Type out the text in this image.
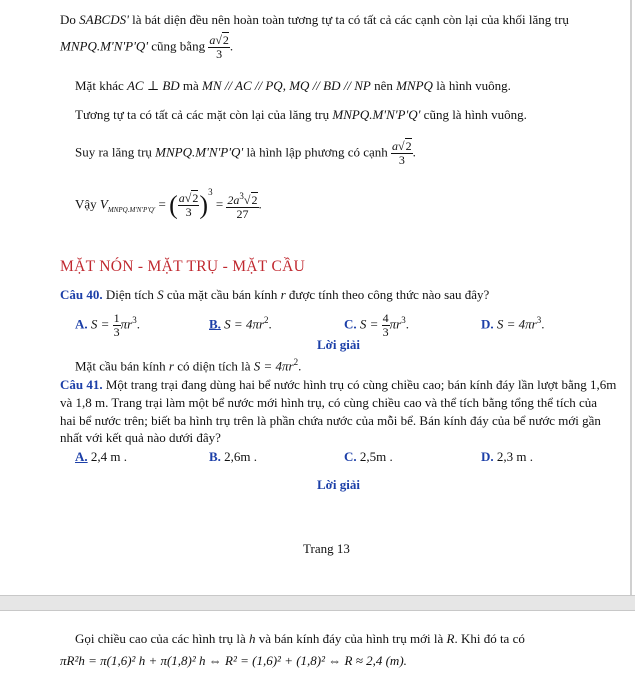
Do SABCDS' là bát diện đều nên hoàn toàn tương tự ta có tất cả các cạnh còn lại của khối lăng trụ
MNPQ.M'N'P'Q' cũng bằng $\frac{a√2}{3}$ .
Mặt khác AC ⊥ BD mà MN // AC // PQ, MQ // BD // NP nên MNPQ là hình vuông.
Tương tự ta có tất cả các mặt còn lại của lăng trụ MNPQ.M'N'P'Q' cũng là hình vuông.
Suy ra lăng trụ MNPQ.M'N'P'Q' là hình lập phương có cạnh $\frac{a√2}{3}$ .
Vậy $V_{MNPQ.M'N'P'Q'}$ = ( $\frac{a√2}{3} )^3 = \frac{2a^3√2}{27}$ .
MẶT NÓN - MẶT TRỤ - MẶT CẦU
Câu 40. Diện tích S của mặt cầu bán kính r được tính theo công thức nào sau đây?
A. $S = \frac{1}{3} \pi r^3$.	B. $S = 4\pi r^2$.	C. $S = \frac{4}{3} \pi r^3$.	D. $S = 4\pi r^3$.
Lời giải
Mặt cầu bán kính r có diện tích là $S = 4\pi r^2$.
Câu 41. Một trang trại đang dùng hai bể nước hình trụ có cùng chiều cao; bán kính đáy lần lượt bằng 1,6m
và 1,8 m. Trang trại làm một bể nước mới hình trụ, có cùng chiều cao và thể tích bằng tổng thể tích của
hai bể nước trên; biết ba hình trụ trên là phần chứa nước của mỗi bể. Bán kính đáy của bể nước mới gần
nhất với kết quả nào dưới đây?
A. 2,4 m .	B. 2,6m .	C. 2,5m .	D. 2,3 m .
Lời giải
Trang 13
Gọi chiều cao của các hình trụ là h và bán kính đáy của hình trụ mới là R. Khi đó ta có
πR²h = π(1,6)² h + π(1,8)² h ⇔ R² = (1,6)² + (1,8)² ⇔ R ≈ 2,4 (m).
